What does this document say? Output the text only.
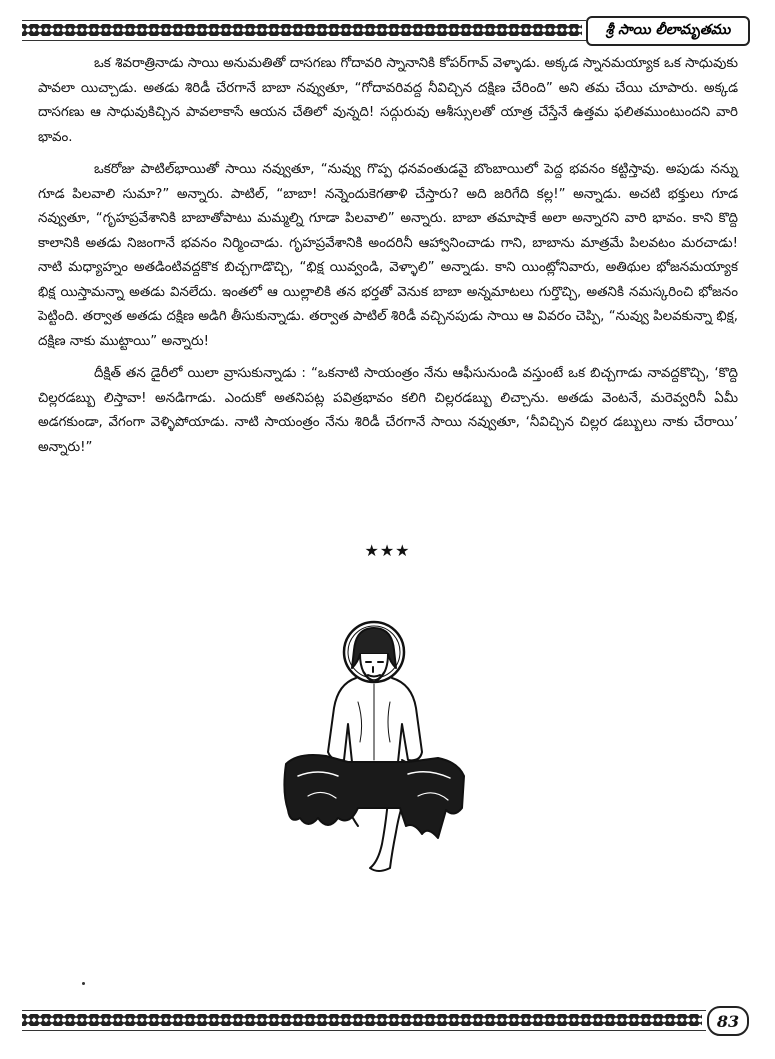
శ్రీ సాయి లీలామృతము

ఒక శివరాత్రినాడు సాయి అనుమతితో దాసగణు గోదావరి స్నానానికి కోపర్‌గావ్ వెళ్ళాడు. అక్కడ స్నానమయ్యాక ఒక సాధువుకు పావలా యిచ్చాడు. అతడు శిరిడీ చేరగానే బాబా నవ్వుతూ, “గోదావరివద్ద నీవిచ్చిన దక్షిణ చేరింది” అని తమ చేయి చూపారు. అక్కడ దాసగణు ఆ సాధువుకిచ్చిన పావలాకాసే ఆయన చేతిలో వున్నది! సద్గురువు ఆశీస్సులతో యాత్ర చేస్తేనే ఉత్తమ ఫలితముంటుందని వారి భావం.

ఒకరోజు పాటిల్‌భాయితో సాయి నవ్వుతూ, “నువ్వు గొప్ప ధనవంతుడవై బొంబాయిలో పెద్ద భవనం కట్టిస్తావు. అపుడు నన్ను గూడ పిలవాలి సుమా?” అన్నారు. పాటిల్, “బాబా! నన్నెందుకెగతాళి చేస్తారు? అది జరిగేది కల్ల!” అన్నాడు. అచటి భక్తులు గూడ నవ్వుతూ, “గృహప్రవేశానికి బాబాతోపాటు మమ్మల్ని గూడా పిలవాలి” అన్నారు. బాబా తమాషాకే అలా అన్నారని వారి భావం. కాని కొద్ది కాలానికి అతడు నిజంగానే భవనం నిర్మించాడు. గృహప్రవేశానికి అందరినీ ఆహ్వానించాడు గాని, బాబాను మాత్రమే పిలవటం మరచాడు! నాటి మధ్యాహ్నం అతడింటివద్దకొక బిచ్చగాడొచ్చి, “భిక్ష యివ్వండి, వెళ్ళాలి” అన్నాడు. కాని యింట్లోనివారు, అతిథుల భోజనమయ్యాక భిక్ష యిస్తామన్నా అతడు వినలేదు. ఇంతలో ఆ యిల్లాలికి తన భర్తతో వెనుక బాబా అన్నమాటలు గుర్తొచ్చి, అతనికి నమస్కరించి భోజనం పెట్టింది. తర్వాత అతడు దక్షిణ అడిగి తీసుకున్నాడు. తర్వాత పాటిల్ శిరిడీ వచ్చినపుడు సాయి ఆ వివరం చెప్పి, “నువ్వు పిలవకున్నా భిక్ష, దక్షిణ నాకు ముట్టాయి” అన్నారు!

దీక్షిత్ తన డైరీలో యిలా వ్రాసుకున్నాడు : “ఒకనాటి సాయంత్రం నేను ఆఫీసునుండి వస్తుంటే ఒక బిచ్చగాడు నావద్దకొచ్చి, ‘కొద్ది చిల్లరడబ్బు లిస్తావా! అనడిగాడు. ఎందుకో అతనిపట్ల పవిత్రభావం కలిగి చిల్లరడబ్బు లిచ్చాను. అతడు వెంటనే, మరెవ్వరినీ ఏమీ అడగకుండా, వేగంగా వెళ్ళిపోయాడు. నాటి సాయంత్రం నేను శిరిడీ చేరగానే సాయి నవ్వుతూ, ‘నీవిచ్చిన చిల్లర డబ్బులు నాకు చేరాయి’ అన్నారు!”

★★★
83
